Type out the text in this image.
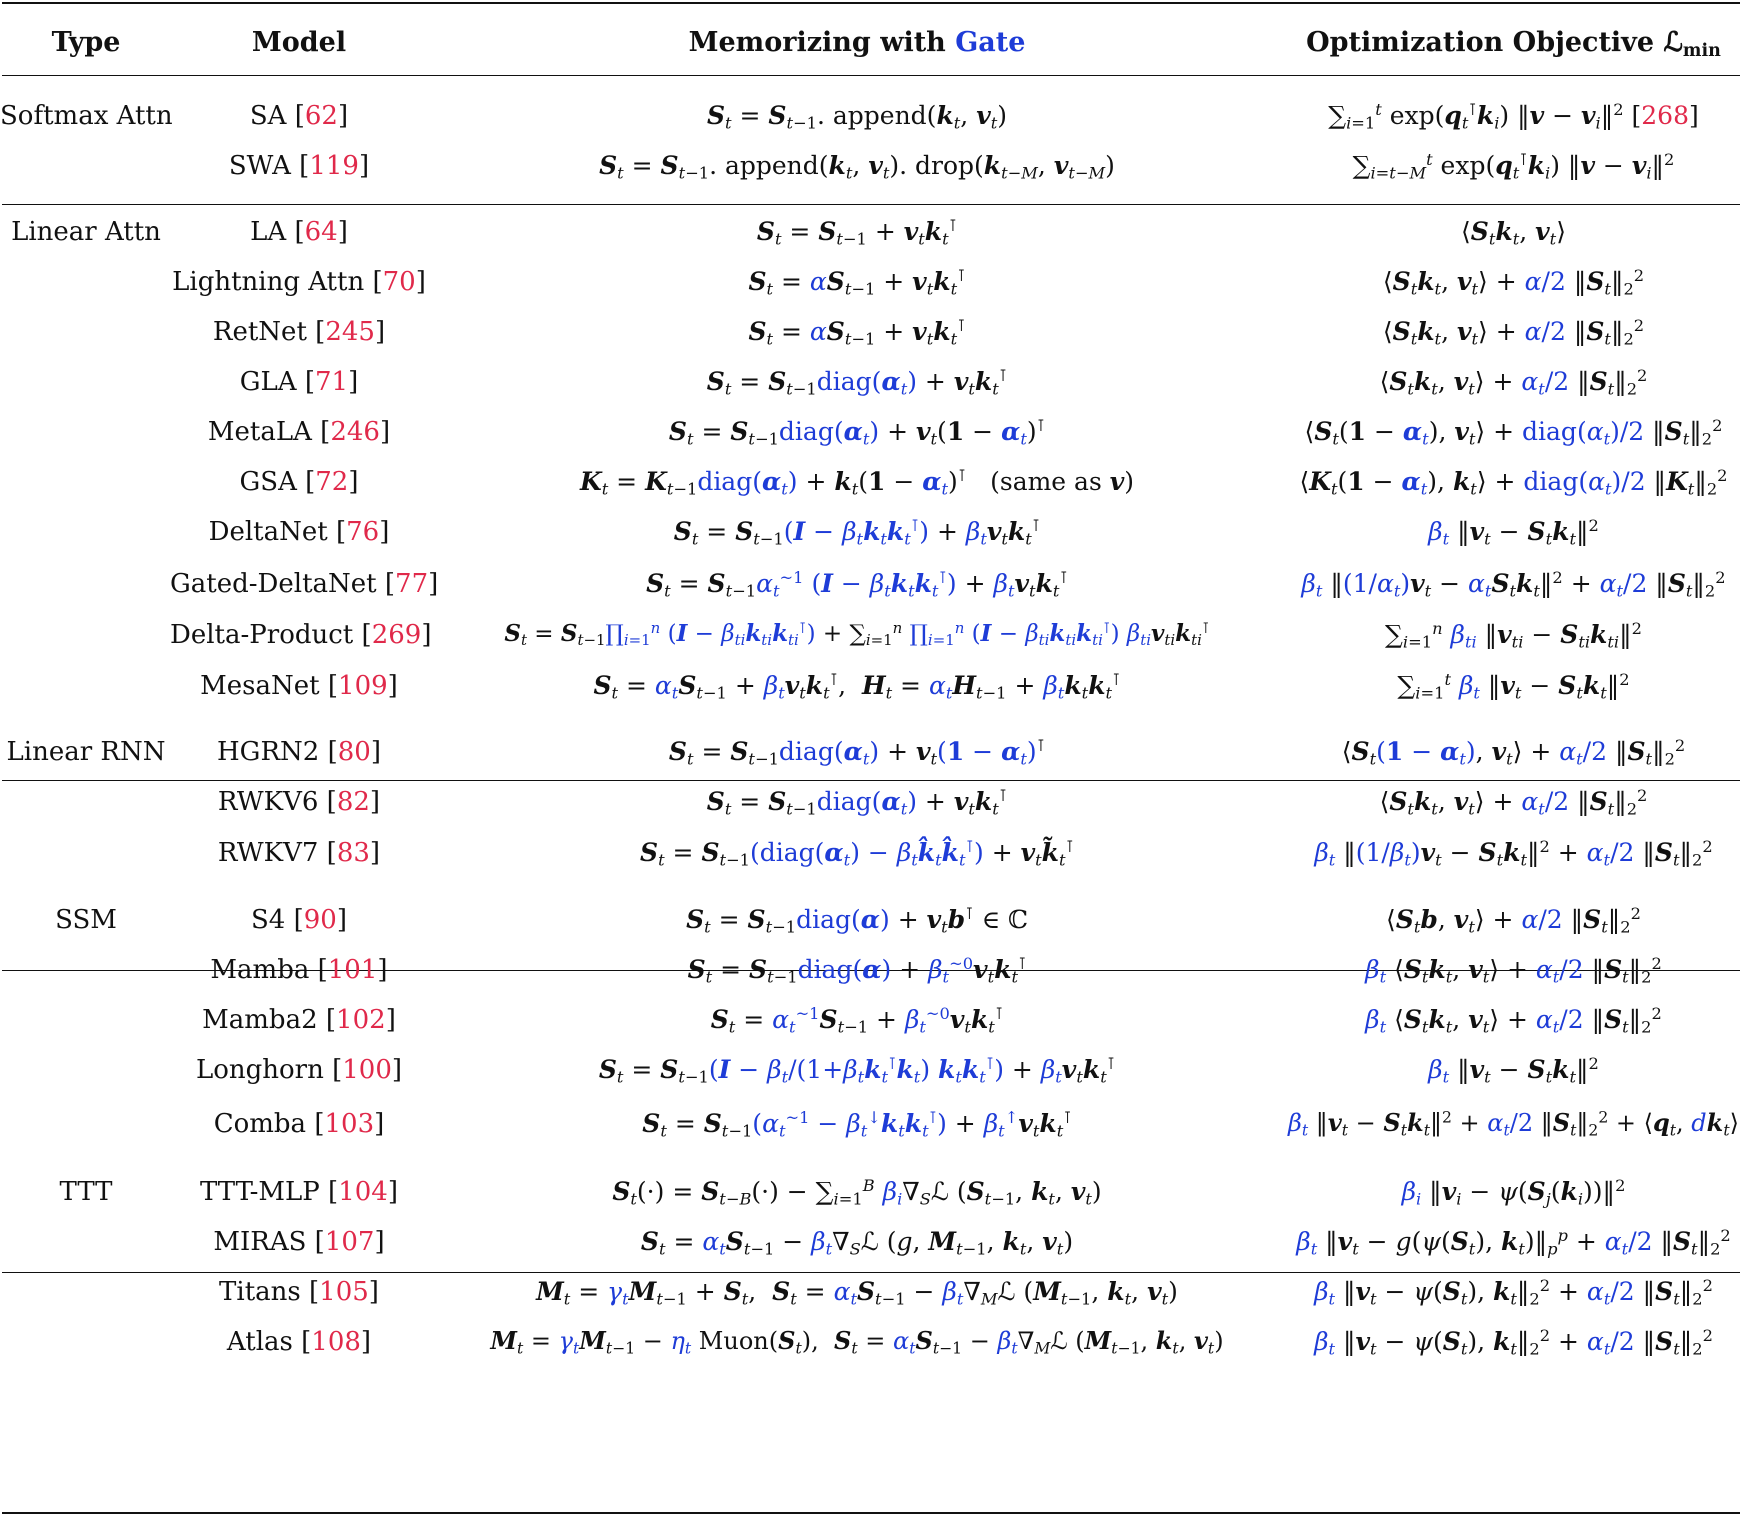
Type	Model	Memorizing with Gate	Optimization Objective ℒ$_{min}$
Softmax Attn	SA [62]	$S_t = S_{t-1}$. $append(k_t$, $v_t$)	$\sum_{i=1}^t$ $\exp(q_t^⊺k_i)$ ‖v − $v_i‖^2$ [268]
SWA [119]	$S_t = S_{t-1}$. $append(k_t$, $v_t$). $drop(k_{t-M}$, $v_{t-M}$)	$\sum_{i=t-M}^t$ $\exp(q_t^⊺k_i)$ ‖v − $v_i‖^2$
Linear Attn	LA [64]	$S_t = S_{t-1} + v_tk_t^⊺$	$⟨S_tk_t$, $v_t⟩$
Lightning Attn [70]	$S_t = \alpha S_{t-1} + v_tk_t^⊺$	$⟨S_tk_t$, $v_t⟩ + \alpha/2$ $‖S_t‖_2^2$
RetNet [245]	$S_t = \alpha S_{t-1} + v_tk_t^⊺$	$⟨S_tk_t$, $v_t⟩ + \alpha/2$ $‖S_t‖_2^2$
GLA [71]	$S_t$ = $S_{t-1}diag(\alpha_t) + v_tk_t^⊺$	$⟨S_tk_t$, $v_t⟩ + \alpha_t/2$ $‖S_t‖_2^2$
MetaLA [246]	$S_t$ = $S_{t-1}diag(\alpha_t) + v_t(1 - \alpha_t)^⊺$	$⟨S_t(1 - \alpha_t)$, $v_t⟩$ + $diag(\alpha_t)/2$ $‖S_t‖_2^2$
GSA [72]	$K_t$ = $K_{t-1}diag(\alpha_t) + k_t(1 - \alpha_t)^⊺$   (same as v)	$⟨K_t(1 - \alpha_t)$, $k_t⟩$ + $diag(\alpha_t)/2$ $‖K_t‖_2^2$
DeltaNet [76]	$S_t = S_{t-1}(I - \beta_tk_tk_t^⊺) + \beta_tv_tk_t^⊺$	$\beta_t$ $‖v_t$ − $S_tk_t‖^2$
Gated-DeltaNet [77]	$S_t = S_{t-1}\alpha_t^{\sim 1}$ $(I - \beta_tk_tk_t^⊺) + \beta_tv_tk_t^⊺$	$\beta_t$ $‖(1/\alpha_t)v_t$ − $\alpha_tS_tk_t‖^2 + \alpha_t/2$ $‖S_t‖_2^2$
Delta-Product [269]	$S_t$ = $S_{t-1}\prod_{i=1}^n$ $(I - \beta_{ti}k_{ti}k_{ti}^⊺) + \sum_{i=1}^n$ $\prod_{i=1}^n$ $(I - \beta_{ti}k_{ti}k_{ti}^⊺)$ $\beta_{ti}v_{ti}k_{ti}^⊺$	$\sum_{i=1}^n$ $\beta_{ti}$ $‖v_{ti}$ − $S_{ti}k_{ti}‖^2$
MesaNet [109]	$S_t = \alpha_tS_{t-1} + \beta_tv_tk_t^⊺$,  $H_t = \alpha_tH_{t-1} + \beta_tk_tk_t^⊺$	$\sum_{i=1}^t$ $\beta_t$ $‖v_t$ − $S_tk_t‖^2$
Linear RNN	HGRN2 [80]	$S_t$ = $S_{t-1}diag(\alpha_t) + v_t(1 - \alpha_t)^⊺$	$⟨S_t(1 - \alpha_t)$, $v_t⟩ + \alpha_t/2$ $‖S_t‖_2^2$
RWKV6 [82]	$S_t$ = $S_{t-1}diag(\alpha_t) + v_tk_t^⊺$	$⟨S_tk_t$, $v_t⟩ + \alpha_t/2$ $‖S_t‖_2^2$
RWKV7 [83]	$S_t$ = $S_{t-1}(diag(\alpha_t)$ − $\beta_tk̂_tk̂_t^⊺$) + $v_tk̃_t^⊺$	$\beta_t$ $‖(1/\beta_t)v_t$ − $S_tk_t‖^2 + \alpha_t/2$ $‖S_t‖_2^2$
SSM	S4 [90]	$S_t$ = $S_{t-1}diag(\alpha) + v_tb^⊺$ ∈ ℂ	$⟨S_tb$, $v_t⟩ + \alpha/2$ $‖S_t‖_2^2$
Mamba [101]	$S_t$ = $S_{t-1}diag(\alpha) + \beta_t^{\sim 0}v_tk_t^⊺$	$\beta_t$ $⟨S_tk_t$, $v_t⟩ + \alpha_t/2$ $‖S_t‖_2^2$
Mamba2 [102]	$S_t = \alpha_t^{\sim 1}S_{t-1} + \beta_t^{\sim 0}v_tk_t^⊺$	$\beta_t$ $⟨S_tk_t$, $v_t⟩ + \alpha_t/2$ $‖S_t‖_2^2$
Longhorn [100]	$S_t = S_{t-1}(I - \beta_t/(1+\beta_tk_t^⊺k_t) k_tk_t^⊺) + \beta_tv_tk_t^⊺$	$\beta_t$ $‖v_t$ − $S_tk_t‖^2$
Comba [103]	$S_t = S_{t-1}(\alpha_t^{\sim 1} - \beta_t^↓k_tk_t^⊺) + \beta_t^↑v_tk_t^⊺$	$\beta_t$ $‖v_t$ − $S_tk_t‖^2 + \alpha_t/2$ $‖S_t‖_2^2$ + $⟨q_t$, $dk_t⟩$
TTT	TTT-MLP [104]	$S_t(\cdot) = S_{t-B}(\cdot) - \sum_{i=1}^B$ $\beta_i\nabla_Sℒ$ ($S_{t-1}$, $k_t$, $v_t$)	$\beta_i$ $‖v_i$ − $\psi(S_j(k_i))‖^2$
MIRAS [107]	$S_t = \alpha_tS_{t-1}$ − $\beta_t\nabla_Sℒ$ (g, $M_{t-1}$, $k_t$, $v_t$)	$\beta_t$ $‖v_t - g(\psi(S_t)$, $k_t)‖_p^p + \alpha_t/2$ $‖S_t‖_2^2$
Titans [105]	$M_t = \gamma_tM_{t-1} + S_t$,  $S_t = \alpha_tS_{t-1}$ − $\beta_t\nabla_Mℒ$ ($M_{t-1}$, $k_t$, $v_t$)	$\beta_t$ $‖v_t - \psi(S_t)$, $k_t‖_2^2 + \alpha_t/2$ $‖S_t‖_2^2$
Atlas [108]	$M_t = \gamma_tM_{t-1} - \eta_t$ $Muon(S_t)$,  $S_t = \alpha_tS_{t-1}$ − $\beta_t\nabla_Mℒ$ ($M_{t-1}$, $k_t$, $v_t$)	$\beta_t$ $‖v_t - \psi(S_t)$, $k_t‖_2^2 + \alpha_t/2$ $‖S_t‖_2^2$
